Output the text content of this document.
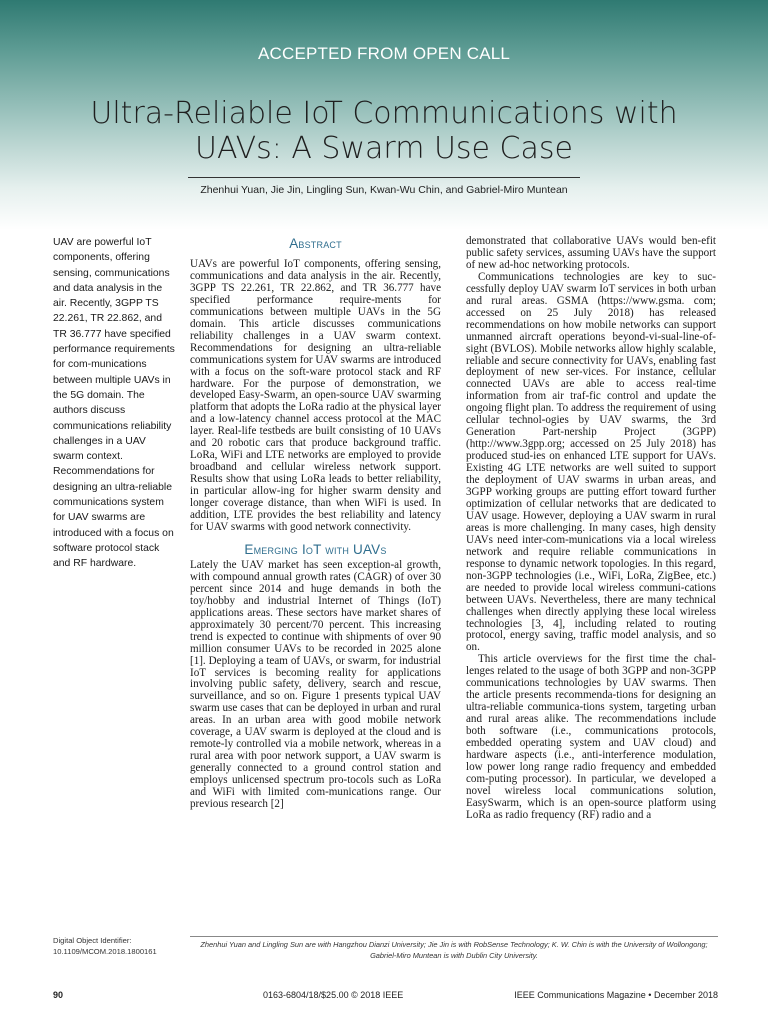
ACCEPTED FROM OPEN CALL
Ultra-Reliable IoT Communications with
UAVs: A Swarm Use Case
Zhenhui Yuan, Jie Jin, Lingling Sun, Kwan-Wu Chin, and Gabriel-Miro Muntean
UAV are powerful IoT components, offering sensing, communications and data analysis in the air. Recently, 3GPP TS 22.261, TR 22.862, and TR 36.777 have specified performance requirements for com-munications between multiple UAVs in the 5G domain. The authors discuss communications reliability challenges in a UAV swarm context. Recommendations for designing an ultra-reliable communications system for UAV swarms are introduced with a focus on software protocol stack and RF hardware.
Abstract

UAVs are powerful IoT components, offering sensing, communications and data analysis in the air. Recently, 3GPP TS 22.261, TR 22.862, and TR 36.777 have specified performance require-ments for communications between multiple UAVs in the 5G domain. This article discusses communications reliability challenges in a UAV swarm context. Recommendations for designing an ultra-reliable communications system for UAV swarms are introduced with a focus on the soft-ware protocol stack and RF hardware. For the purpose of demonstration, we developed Easy-Swarm, an open-source UAV swarming platform that adopts the LoRa radio at the physical layer and a low-latency channel access protocol at the MAC layer. Real-life testbeds are built consisting of 10 UAVs and 20 robotic cars that produce background traffic. LoRa, WiFi and LTE networks are employed to provide broadband and cellular wireless network support. Results show that using LoRa leads to better reliability, in particular allow-ing for higher swarm density and longer coverage distance, than when WiFi is used. In addition, LTE provides the best reliability and latency for UAV swarms with good network connectivity.

Emerging IoT with UAVs

Lately the UAV market has seen exception-al growth, with compound annual growth rates (CAGR) of over 30 percent since 2014 and huge demands in both the toy/hobby and industrial Internet of Things (IoT) applications areas. These sectors have market shares of approximately 30 percent/70 percent. This increasing trend is expected to continue with shipments of over 90 million consumer UAVs to be recorded in 2025 alone [1]. Deploying a team of UAVs, or swarm, for industrial IoT services is becoming reality for applications involving public safety, delivery, search and rescue, surveillance, and so on. Figure 1 presents typical UAV swarm use cases that can be deployed in urban and rural areas. In an urban area with good mobile network coverage, a UAV swarm is deployed at the cloud and is remote-ly controlled via a mobile network, whereas in a rural area with poor network support, a UAV swarm is generally connected to a ground control station and employs unlicensed spectrum pro-tocols such as LoRa and WiFi with limited com-munications range. Our previous research [2]

demonstrated that collaborative UAVs would ben-efit public safety services, assuming UAVs have the support of new ad-hoc networking protocols.

Communications technologies are key to suc-cessfully deploy UAV swarm IoT services in both urban and rural areas. GSMA (https://www.gsma. com; accessed on 25 July 2018) has released recommendations on how mobile networks can support unmanned aircraft operations beyond-vi-sual-line-of-sight (BVLOS). Mobile networks allow highly scalable, reliable and secure connectivity for UAVs, enabling fast deployment of new ser-vices. For instance, cellular connected UAVs are able to access real-time information from air traf-fic control and update the ongoing flight plan. To address the requirement of using cellular technol-ogies by UAV swarms, the 3rd Generation Part-nership Project (3GPP) (http://www.3gpp.org; accessed on 25 July 2018) has produced stud-ies on enhanced LTE support for UAVs. Existing 4G LTE networks are well suited to support the deployment of UAV swarms in urban areas, and 3GPP working groups are putting effort toward further optimization of cellular networks that are dedicated to UAV usage. However, deploying a UAV swarm in rural areas is more challenging. In many cases, high density UAVs need inter-com-munications via a local wireless network and require reliable communications in response to dynamic network topologies. In this regard, non-3GPP technologies (i.e., WiFi, LoRa, ZigBee, etc.) are needed to provide local wireless communi-cations between UAVs. Nevertheless, there are many technical challenges when directly applying these local wireless technologies [3, 4], including related to routing protocol, energy saving, traffic model analysis, and so on.

This article overviews for the first time the chal-lenges related to the usage of both 3GPP and non-3GPP communications technologies by UAV swarms. Then the article presents recommenda-tions for designing an ultra-reliable communica-tions system, targeting urban and rural areas alike. The recommendations include both software (i.e., communications protocols, embedded operating system and UAV cloud) and hardware aspects (i.e., anti-interference modulation, low power long range radio frequency and embedded com-puting processor). In particular, we developed a novel wireless local communications solution, EasySwarm, which is an open-source platform using LoRa as radio frequency (RF) radio and a

Digital Object Identifier:
10.1109/MCOM.2018.1800161
Zhenhui Yuan and Lingling Sun are with Hangzhou Dianzi University; Jie Jin is with RobSense Technology; K. W. Chin is with the University of Wollongong;
Gabriel-Miro Muntean is with Dublin City University.
90	0163-6804/18/$25.00 © 2018 IEEE	IEEE Communications Magazine • December 2018
